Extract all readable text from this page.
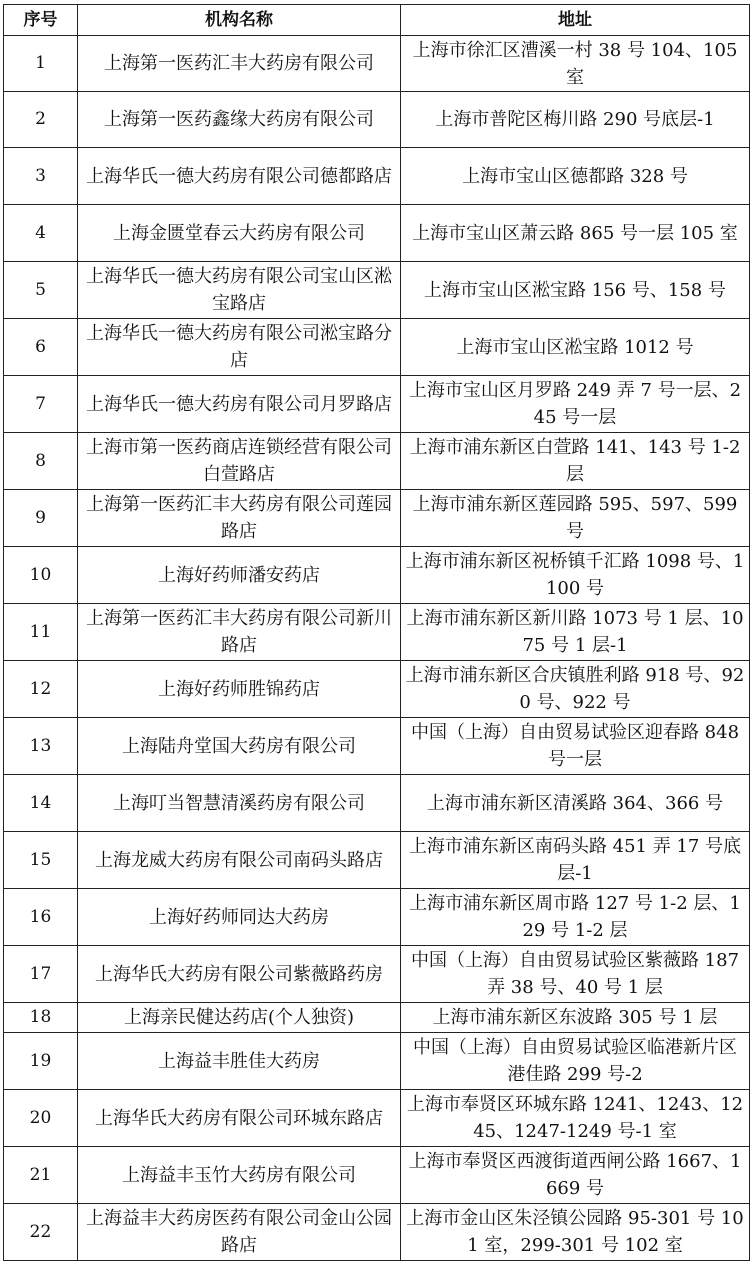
序号	机构名称	地址
1	上海第一医药汇丰大药房有限公司	上海市徐汇区漕溪一村 38 号 104、105 室
2	上海第一医药鑫缘大药房有限公司	上海市普陀区梅川路 290 号底层-1
3	上海华氏一德大药房有限公司德都路店	上海市宝山区德都路 328 号
4	上海金匮堂春云大药房有限公司	上海市宝山区萧云路 865 号一层 105 室
5	上海华氏一德大药房有限公司宝山区淞宝路店	上海市宝山区淞宝路 156 号、158 号
6	上海华氏一德大药房有限公司淞宝路分店	上海市宝山区淞宝路 1012 号
7	上海华氏一德大药房有限公司月罗路店	上海市宝山区月罗路 249 弄 7 号一层、245 号一层
8	上海市第一医药商店连锁经营有限公司白萱路店	上海市浦东新区白萱路 141、143 号 1-2 层
9	上海第一医药汇丰大药房有限公司莲园路店	上海市浦东新区莲园路 595、597、599 号
10	上海好药师潘安药店	上海市浦东新区祝桥镇千汇路 1098 号、1100 号
11	上海第一医药汇丰大药房有限公司新川路店	上海市浦东新区新川路 1073 号 1 层、1075 号 1 层-1
12	上海好药师胜锦药店	上海市浦东新区合庆镇胜利路 918 号、920 号、922 号
13	上海陆舟堂国大药房有限公司	中国（上海）自由贸易试验区迎春路 848 号一层
14	上海叮当智慧清溪药房有限公司	上海市浦东新区清溪路 364、366 号
15	上海龙威大药房有限公司南码头路店	上海市浦东新区南码头路 451 弄 17 号底层-1
16	上海好药师同达大药房	上海市浦东新区周市路 127 号 1-2 层、129 号 1-2 层
17	上海华氏大药房有限公司紫薇路药房	中国（上海）自由贸易试验区紫薇路 187 弄 38 号、40 号 1 层
18	上海亲民健达药店(个人独资)	上海市浦东新区东波路 305 号 1 层
19	上海益丰胜佳大药房	中国（上海）自由贸易试验区临港新片区港佳路 299 号-2
20	上海华氏大药房有限公司环城东路店	上海市奉贤区环城东路 1241、1243、1245、1247-1249 号-1 室
21	上海益丰玉竹大药房有限公司	上海市奉贤区西渡街道西闸公路 1667、1669 号
22	上海益丰大药房医药有限公司金山公园路店	上海市金山区朱泾镇公园路 95-301 号 101 室，299-301 号 102 室
